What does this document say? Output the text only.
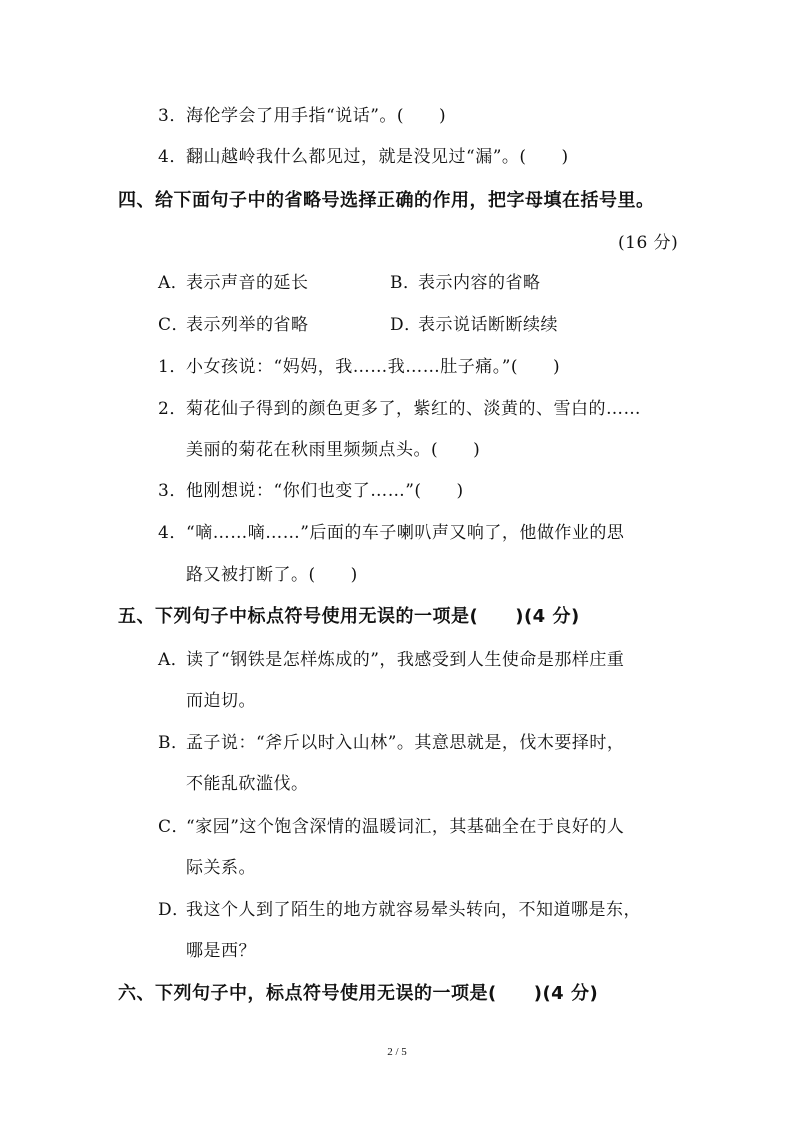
3． 海伦学会了用手指“说话”。(　　)
4． 翻山越岭我什么都见过，就是没见过“漏”。(　　)
四、给下面句子中的省略号选择正确的作用，把字母填在括号里。
(16 分)
A．
表示声音的延长	B．
表示内容的省略
C．
表示列举的省略	D．
表示说话断断续续
1． 小女孩说：“妈妈，我……我……肚子痛。”(　　)
2． 菊花仙子得到的颜色更多了，紫红的、淡黄的、雪白的……
美丽的菊花在秋雨里频频点头。(　　)
3． 他刚想说：“你们也变了……”(　　)
4． “嘀……嘀……”后面的车子喇叭声又响了，他做作业的思
路又被打断了。(　　)
五、下列句子中标点符号使用无误的一项是(　　)(4 分)
A．
读了“钢铁是怎样炼成的”，我感受到人生使命是那样庄重
而迫切。
B．
孟子说：“斧斤以时入山林”。其意思就是，伐木要择时，
不能乱砍滥伐。
C．
“家园”这个饱含深情的温暖词汇，其基础全在于良好的人
际关系。
D．
我这个人到了陌生的地方就容易晕头转向，不知道哪是东，
哪是西？
六、下列句子中，标点符号使用无误的一项是(　　)(4 分)
2 / 5
